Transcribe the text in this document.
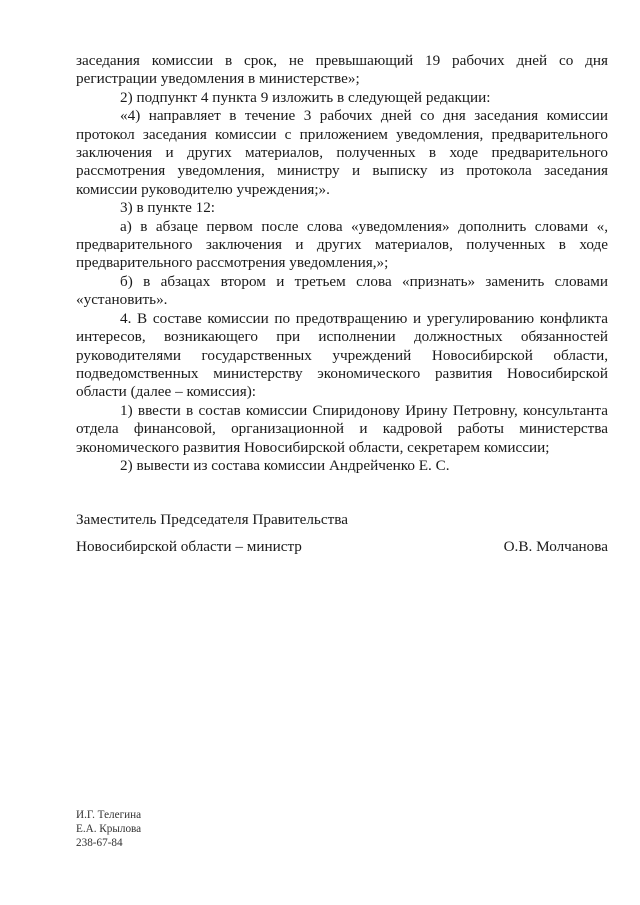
заседания комиссии в срок, не превышающий 19 рабочих дней со дня регистрации уведомления в министерстве»;

2) подпункт 4 пункта 9 изложить в следующей редакции:

«4) направляет в течение 3 рабочих дней со дня заседания комиссии протокол заседания комиссии с приложением уведомления, предварительного заключения и других материалов, полученных в ходе предварительного рассмотрения уведомления, министру и выписку из протокола заседания комиссии руководителю учреждения;».

3) в пункте 12:

а) в абзаце первом после слова «уведомления» дополнить словами «, предварительного заключения и других материалов, полученных в ходе предварительного рассмотрения уведомления,»;

б) в абзацах втором и третьем слова «признать» заменить словами «установить».

4. В составе комиссии по предотвращению и урегулированию конфликта интересов, возникающего при исполнении должностных обязанностей руководителями государственных учреждений Новосибирской области, подведомственных министерству экономического развития Новосибирской области (далее – комиссия):

1) ввести в состав комиссии Спиридонову Ирину Петровну, консультанта отдела финансовой, организационной и кадровой работы министерства экономического развития Новосибирской области, секретарем комиссии;

2) вывести из состава комиссии Андрейченко Е. С.

Заместитель Председателя Правительства
Новосибирской области – министр	О.В. Молчанова
И.Г. Телегина
Е.А. Крылова
238-67-84
